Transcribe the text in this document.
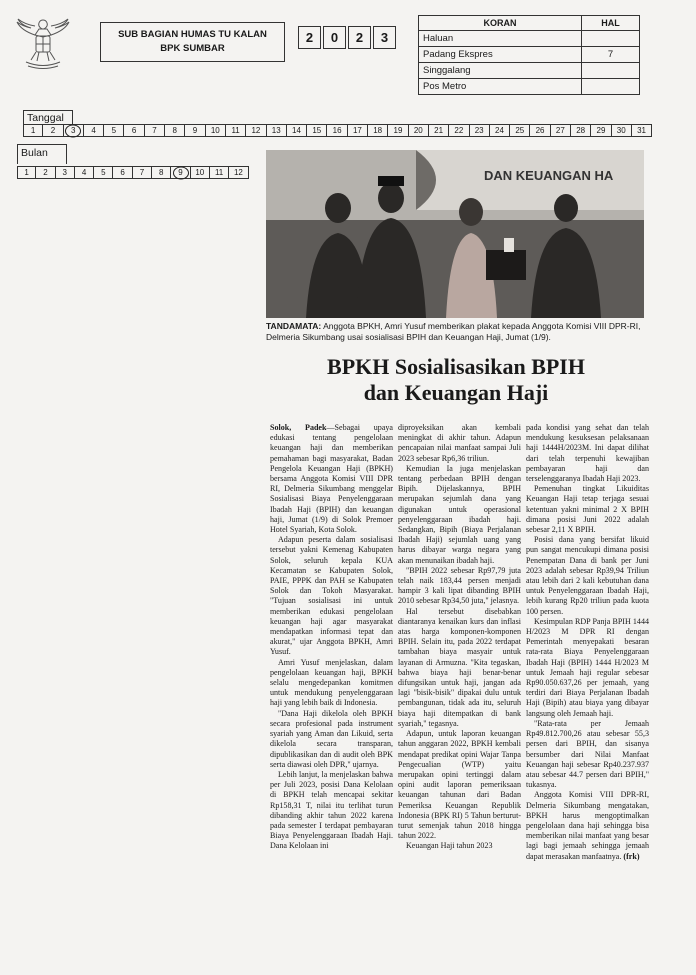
SUB BAGIAN HUMAS TU KALAN
BPK SUMBAR
2	0	2	3
KORAN	HAL
Haluan	
Padang Ekspres	7
Singgalang	
Pos Metro	
Tanggal
1 2 3 4 5 6 7 8 9 10 11 12 13 14 15 16 17 18 19 20 21 22 23 24 25 26 27 28 29 30 31
Bulan
1 2 3 4 5 6 7 8 9 10 11 12	DAN KEUANGAN HA
TANDAMATA: Anggota BPKH, Amri Yusuf memberikan plakat kepada Anggota Komisi VIII DPR-RI, Delmeria Sikumbang usai sosialisasi BPIH dan Keuangan Haji, Jumat (1/9).
BPKH Sosialisasikan BPIH
dan Keuangan Haji

Solok, Padek—Sebagai upaya edukasi tentang pengelolaan keuangan haji dan memberikan pemahaman bagi masyarakat, Badan Pengelola Keuangan Haji (BPKH) bersama Anggota Komisi VIII DPR RI, Delmeria Sikumbang menggelar Sosialisasi Biaya Penyelenggaraan Ibadah Haji (BPIH) dan keuangan haji, Jumat (1/9) di Solok Premoer Hotel Syariah, Kota Solok.

Adapun peserta dalam sosialisasi tersebut yakni Kemenag Kabupaten Solok, seluruh kepala KUA Kecamatan se Kabupaten Solok, PAIE, PPPK dan PAH se Kabupaten Solok dan Tokoh Masyarakat. "Tujuan sosialisasi ini untuk memberikan edukasi pengelolaan keuangan haji agar masyarakat mendapatkan informasi tepat dan akurat," ujar Anggota BPKH, Amri Yusuf.

Amri Yusuf menjelaskan, dalam pengelolaan keuangan haji, BPKH selalu mengedepankan komitmen untuk mendukung penyelenggaraan haji yang lebih baik di Indonesia.

"Dana Haji dikelola oleh BPKH secara profesional pada instrument syariah yang Aman dan Likuid, serta dikelola secara transparan, dipublikasikan dan di audit oleh BPK serta diawasi oleh DPR," ujarnya.

Lebih lanjut, la menjelaskan bahwa per Juli 2023, posisi Dana Kelolaan di BPKH telah mencapai sekitar Rp158,31 T, nilai itu terlihat turun dibanding akhir tahun 2022 karena pada semester I terdapat pembayaran Biaya Penyelenggaraan Ibadah Haji. Dana Kelolaan ini

diproyeksikan akan kembali meningkat di akhir tahun. Adapun pencapaian nilai manfaat sampai Juli 2023 sebesar Rp6,36 triliun.

Kemudian Ia juga menjelaskan tentang perbedaan BPIH dengan Bipih. Dijelaskannya, BPIH merupakan sejumlah dana yang digunakan untuk operasional penyelenggaraan ibadah haji. Sedangkan, Bipih (Biaya Perjalanan Ibadah Haji) sejumlah uang yang harus dibayar warga negara yang akan menunaikan ibadah haji.

"BPIH 2022 sebesar Rp97,79 juta telah naik 183,44 persen menjadi hampir 3 kali lipat dibanding BPIH 2010 sebesar Rp34,50 juta," jelasnya.

Hal tersebut disebabkan diantaranya kenaikan kurs dan inflasi atas harga komponen-komponen BPIH. Selain itu, pada 2022 terdapat tambahan biaya masyair untuk layanan di Armuzna. "Kita tegaskan, bahwa biaya haji benar-benar difungsikan untuk haji, jangan ada lagi "bisik-bisik" dipakai dulu untuk pembangunan, tidak ada itu, seluruh biaya haji ditempatkan di bank syariah," tegasnya.

Adapun, untuk laporan keuangan tahun anggaran 2022, BPKH kembali mendapat predikat opini Wajar Tanpa Pengecualian (WTP) yaitu merupakan opini tertinggi dalam opini audit laporan pemeriksaan keuangan tahunan dari Badan Pemeriksa Keuangan Republik Indonesia (BPK RI) 5 Tahun berturut-turut semenjak tahun 2018 hingga tahun 2022.

Keuangan Haji tahun 2023

pada kondisi yang sehat dan telah mendukung kesuksesan pelaksanaan haji 1444H/2023M. Ini dapat dilihat dari telah terpenuhi kewajiban pembayaran haji dan terselenggaranya Ibadah Haji 2023.

Pemenuhan tingkat Likuiditas Keuangan Haji tetap terjaga sesuai ketentuan yakni minimal 2 X BPIH dimana posisi Juni 2022 adalah sebesar 2,11 X BPIH.

Posisi dana yang bersifat likuid pun sangat mencukupi dimana posisi Penempatan Dana di bank per Juni 2023 adalah sebesar Rp39,94 Triliun atau lebih dari 2 kali kebutuhan dana untuk Penyelenggaraan Ibadah Haji, lebih kurang Rp20 triliun pada kuota 100 persen.

Kesimpulan RDP Panja BPIH 1444 H/2023 M DPR RI dengan Pemerintah menyepakati besaran rata-rata Biaya Penyelenggaraan Ibadah Haji (BPIH) 1444 H/2023 M untuk Jemaah haji regular sebesar Rp90.050.637,26 per jemaah, yang terdiri dari Biaya Perjalanan Ibadah Haji (Bipih) atau biaya yang dibayar langsung oleh Jemaah haji.

"Rata-rata per Jemaah Rp49.812.700,26 atau sebesar 55,3 persen dari BPIH, dan sisanya bersumber dari Nilai Manfaat Keuangan haji sebesar Rp40.237.937 atau sebesar 44.7 persen dari BPIH," tukasnya.

Anggota Komisi VIII DPR-RI, Delmeria Sikumbang mengatakan, BPKH harus mengoptimalkan pengelolaan dana haji sehingga bisa memberikan nilai manfaat yang besar lagi bagi jemaah sehingga jemaah dapat merasakan manfaatnya. (frk)
